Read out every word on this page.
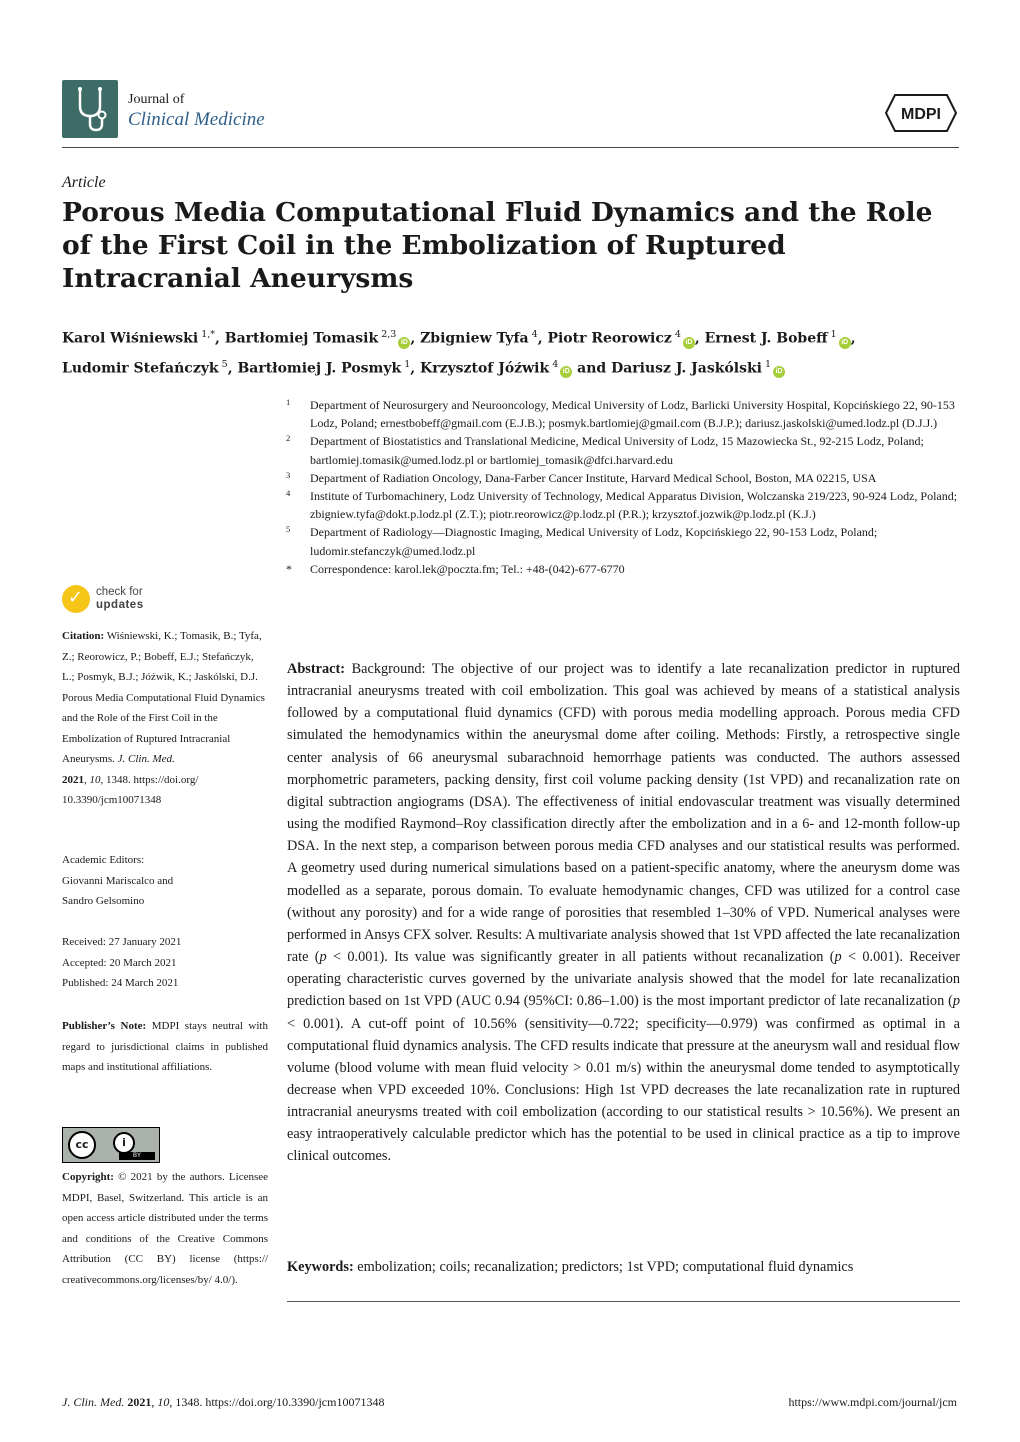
Journal of
Clinical Medicine	MDPI
Article
Porous Media Computational Fluid Dynamics and the Role of the First Coil in the Embolization of Ruptured Intracranial Aneurysms
Karol Wiśniewski $^{1,*}$, Bartłomiej Tomasik $^{2,3}$iD , Zbigniew Tyfa $^4$, Piotr Reorowicz $^4$iD , Ernest J. Bobeff $^1$iD ,
Ludomir Stefańczyk $^5$, Bartłomiej J. Posmyk $^1$, Krzysztof Jóźwik $^4$iD and Dariusz J. Jaskólski $^1$iD
1	Department of Neurosurgery and Neurooncology, Medical University of Lodz, Barlicki University Hospital, Kopcińskiego 22, 90-153 Lodz, Poland; ernestbobeff@gmail.com (E.J.B.); posmyk.bartlomiej@gmail.com (B.J.P.); dariusz.jaskolski@umed.lodz.pl (D.J.J.)
2	Department of Biostatistics and Translational Medicine, Medical University of Lodz, 15 Mazowiecka St., 92-215 Lodz, Poland; bartlomiej.tomasik@umed.lodz.pl or bartlomiej_tomasik@dfci.harvard.edu
3	Department of Radiation Oncology, Dana-Farber Cancer Institute, Harvard Medical School, Boston, MA 02215, USA
4	Institute of Turbomachinery, Lodz University of Technology, Medical Apparatus Division, Wolczanska 219/223, 90-924 Lodz, Poland; zbigniew.tyfa@dokt.p.lodz.pl (Z.T.); piotr.reorowicz@p.lodz.pl (P.R.); krzysztof.jozwik@p.lodz.pl (K.J.)
5	Department of Radiology—Diagnostic Imaging, Medical University of Lodz, Kopcińskiego 22, 90-153 Lodz, Poland; ludomir.stefanczyk@umed.lodz.pl
*	Correspondence: karol.lek@poczta.fm; Tel.: +48-(042)-677-6770
✓
check for
updates
Citation: Wiśniewski, K.; Tomasik, B.; Tyfa, Z.; Reorowicz, P.; Bobeff, E.J.; Stefańczyk, L.; Posmyk, B.J.; Jóźwik, K.; Jaskólski, D.J. Porous Media Computational Fluid Dynamics and the Role of the First Coil in the Embolization of Ruptured Intracranial Aneurysms. J. Clin. Med.
2021, 10, 1348. https://doi.org/ 10.3390/jcm10071348
Academic Editors:
Giovanni Mariscalco and
Sandro Gelsomino
Received: 27 January 2021
Accepted: 20 March 2021
Published: 24 March 2021
Publisher’s Note: MDPI stays neutral with regard to jurisdictional claims in published maps and institutional affiliations.
cc	i
BY
Copyright: © 2021 by the authors. Licensee MDPI, Basel, Switzerland. This article is an open access article distributed under the terms and conditions of the Creative Commons Attribution (CC BY) license (https:// creativecommons.org/licenses/by/ 4.0/).
Abstract: Background: The objective of our project was to identify a late recanalization predictor in ruptured intracranial aneurysms treated with coil embolization. This goal was achieved by means of a statistical analysis followed by a computational fluid dynamics (CFD) with porous media modelling approach. Porous media CFD simulated the hemodynamics within the aneurysmal dome after coiling. Methods: Firstly, a retrospective single center analysis of 66 aneurysmal subarachnoid hemorrhage patients was conducted. The authors assessed morphometric parameters, packing density, first coil volume packing density (1st VPD) and recanalization rate on digital subtraction angiograms (DSA). The effectiveness of initial endovascular treatment was visually determined using the modified Raymond–Roy classification directly after the embolization and in a 6- and 12-month follow-up DSA. In the next step, a comparison between porous media CFD analyses and our statistical results was performed. A geometry used during numerical simulations based on a patient-specific anatomy, where the aneurysm dome was modelled as a separate, porous domain. To evaluate hemodynamic changes, CFD was utilized for a control case (without any porosity) and for a wide range of porosities that resembled 1–30% of VPD. Numerical analyses were performed in Ansys CFX solver. Results: A multivariate analysis showed that 1st VPD affected the late recanalization rate (p < 0.001). Its value was significantly greater in all patients without recanalization (p < 0.001). Receiver operating characteristic curves governed by the univariate analysis showed that the model for late recanalization prediction based on 1st VPD (AUC 0.94 (95%CI: 0.86–1.00) is the most important predictor of late recanalization (p < 0.001). A cut-off point of 10.56% (sensitivity—0.722; specificity—0.979) was confirmed as optimal in a computational fluid dynamics analysis. The CFD results indicate that pressure at the aneurysm wall and residual flow volume (blood volume with mean fluid velocity > 0.01 m/s) within the aneurysmal dome tended to asymptotically decrease when VPD exceeded 10%. Conclusions: High 1st VPD decreases the late recanalization rate in ruptured intracranial aneurysms treated with coil embolization (according to our statistical results > 10.56%). We present an easy intraoperatively calculable predictor which has the potential to be used in clinical practice as a tip to improve clinical outcomes.
Keywords: embolization; coils; recanalization; predictors; 1st VPD; computational fluid dynamics
J. Clin. Med. 2021, 10, 1348. https://doi.org/10.3390/jcm10071348	https://www.mdpi.com/journal/jcm
